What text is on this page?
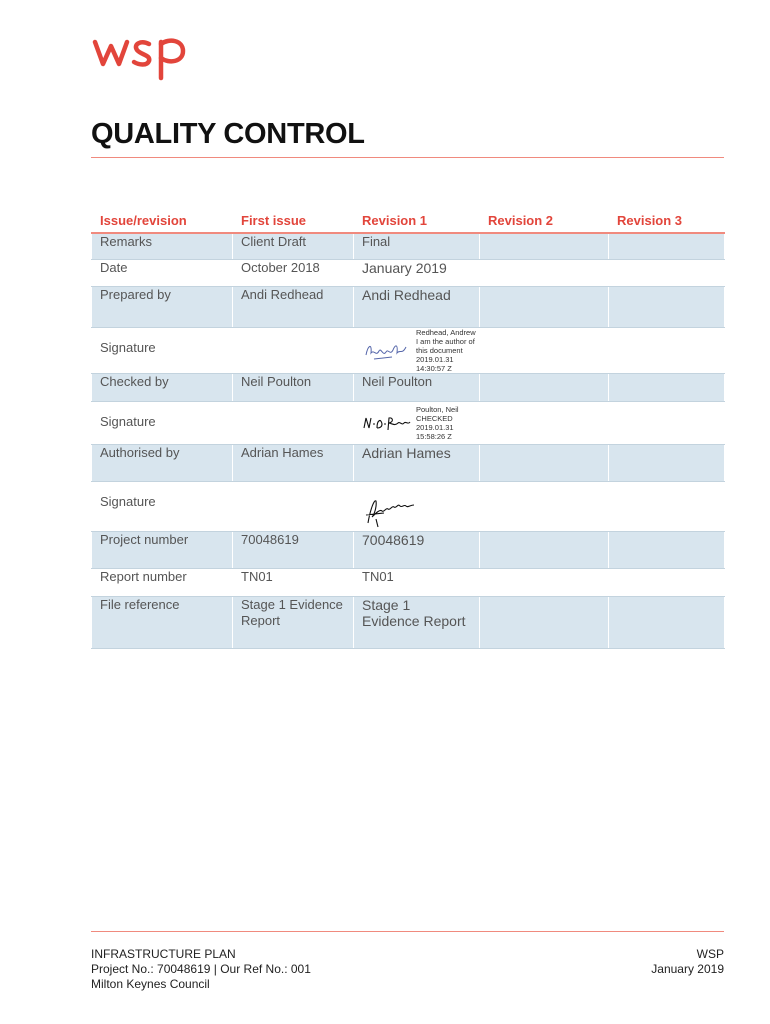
QUALITY CONTROL
Issue/revision	First issue	Revision 1	Revision 2	Revision 3
Remarks	Client Draft	Final		
Date	October 2018	January 2019		
Prepared by	Andi Redhead	Andi Redhead		
Signature		Redhead, Andrew
I am the author of
this document
2019.01.31
14:30:57 Z		

Checked by	Neil Poulton	Neil Poulton		
Signature		Poulton, Neil
CHECKED
2019.01.31
15:58:26 Z		

Authorised by	Adrian Hames	Adrian Hames		
Signature		

Project number	70048619	70048619		
Report number	TN01	TN01		
File reference	Stage 1 Evidence Report	Stage 1 Evidence Report		
INFRASTRUCTURE PLAN
Project No.: 70048619 | Our Ref No.: 001
Milton Keynes Council
WSP
January 2019
